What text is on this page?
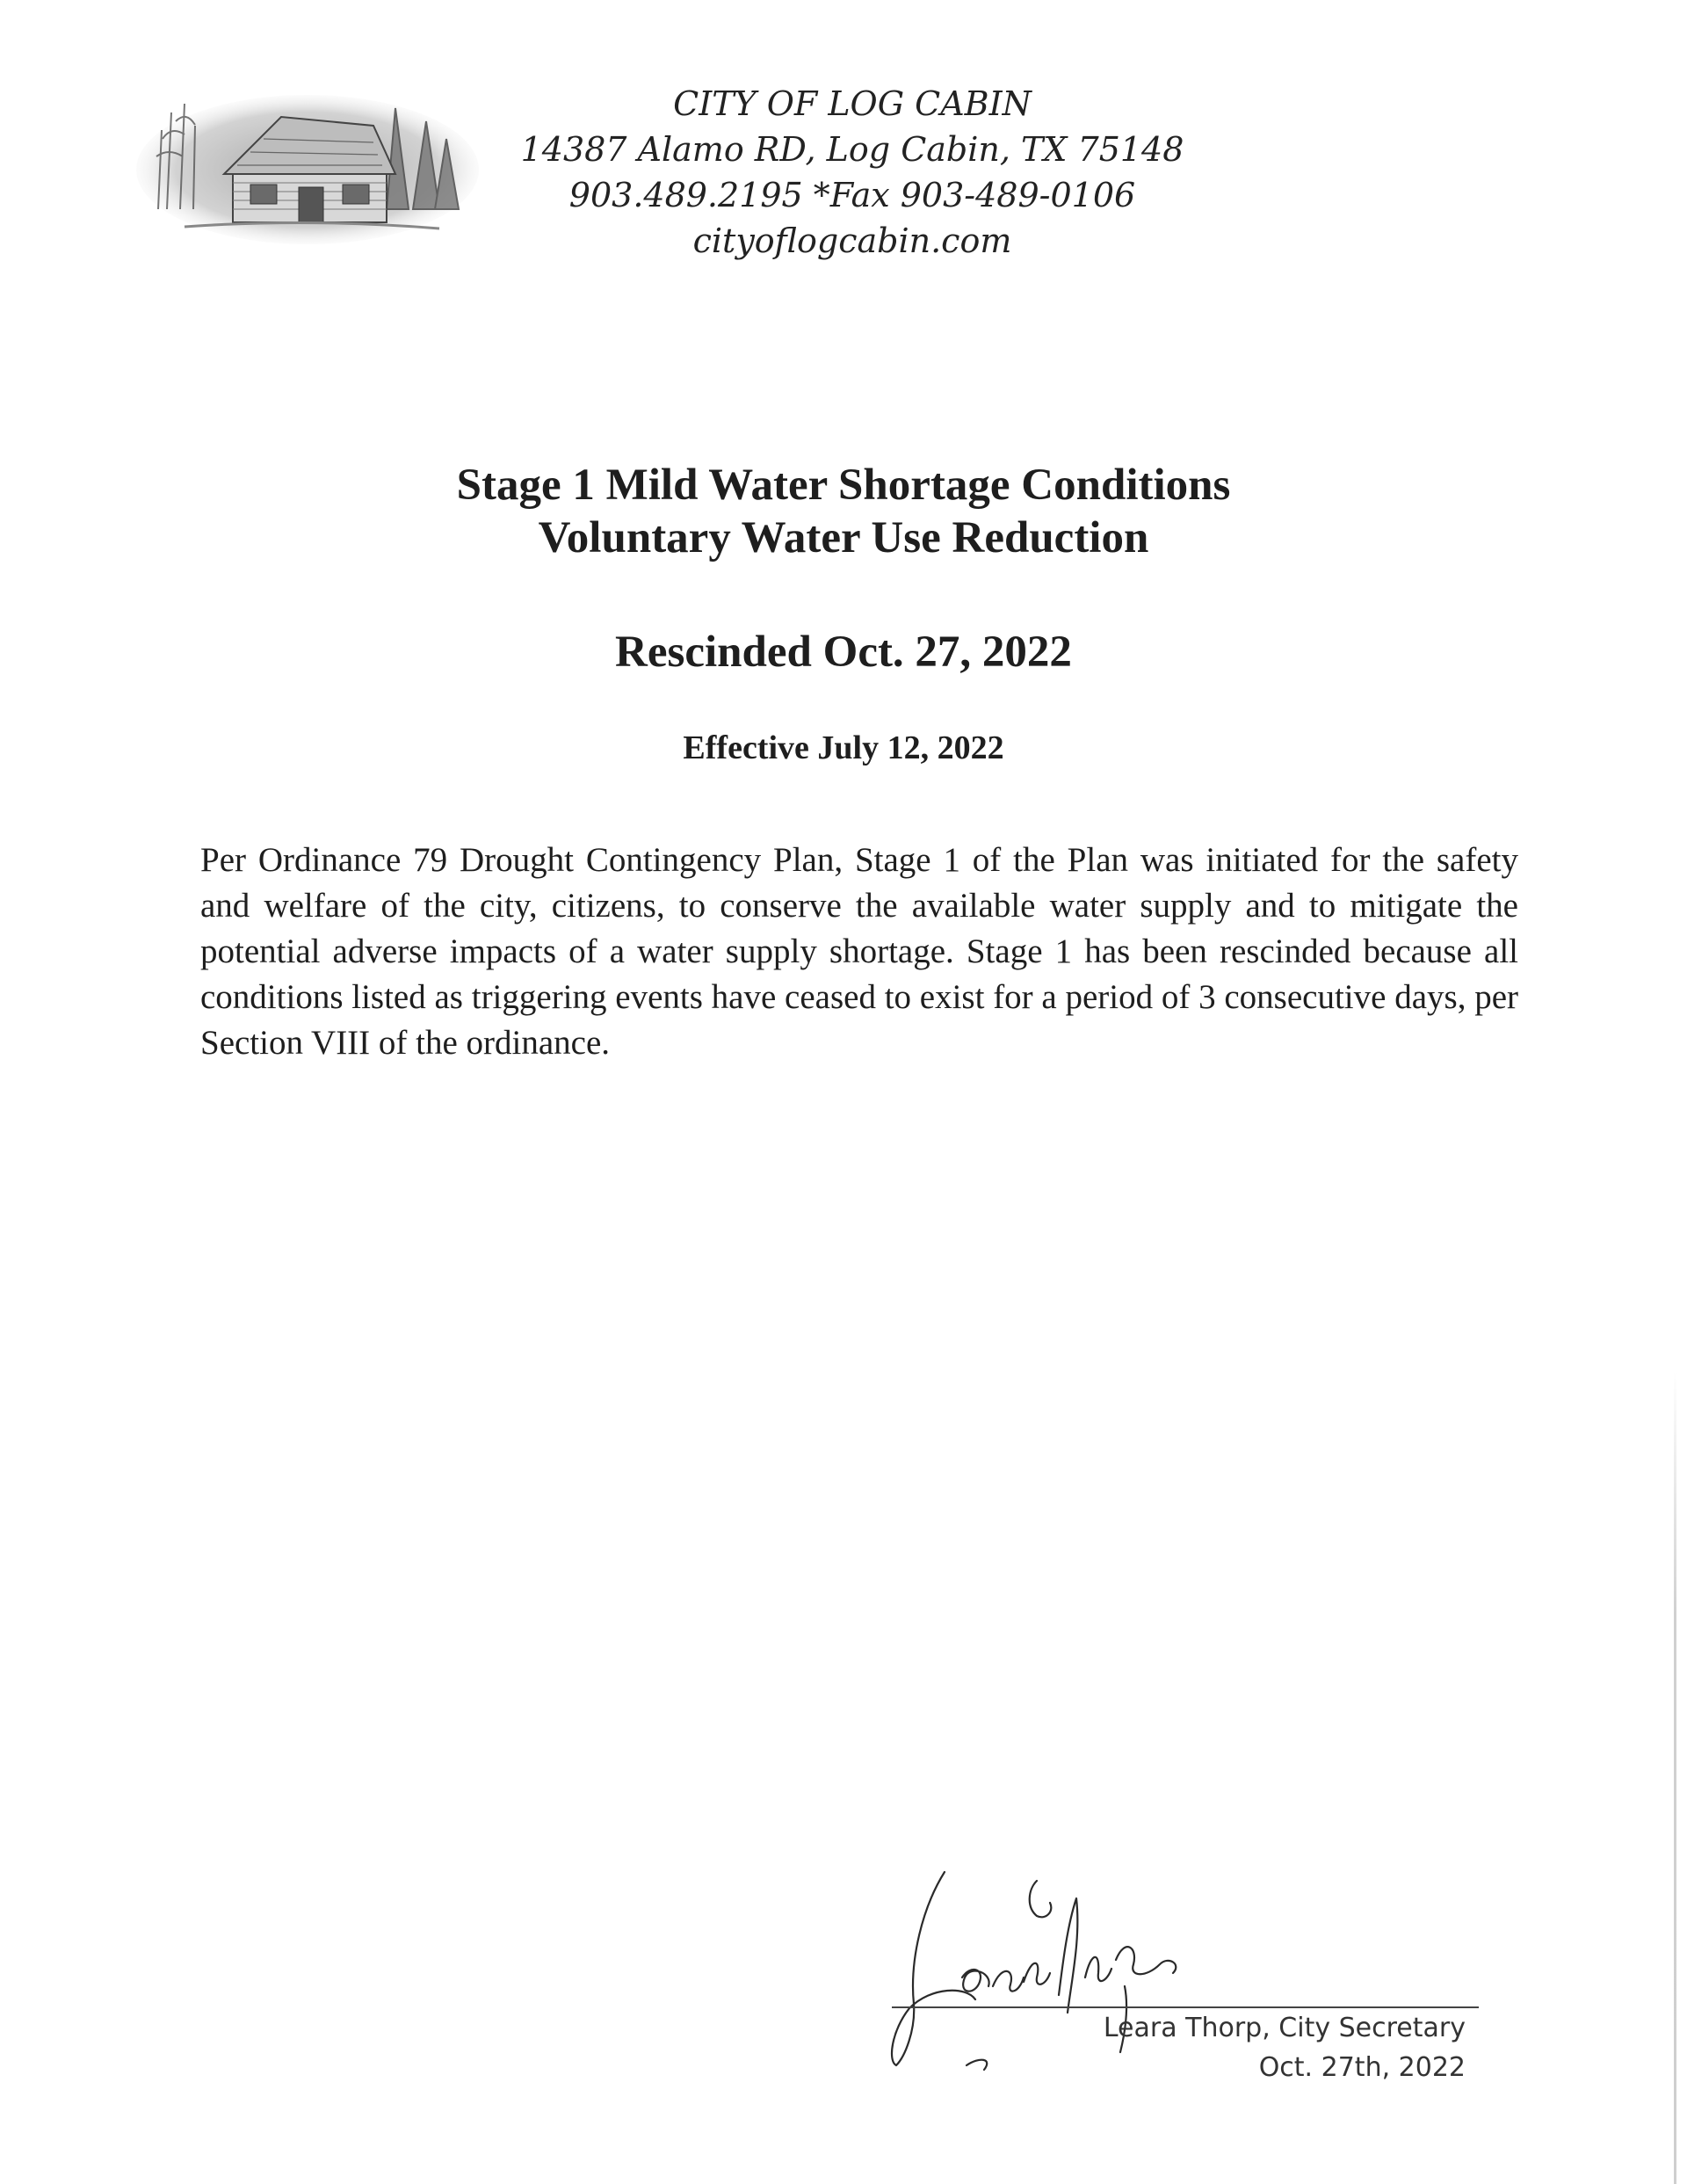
CITY OF LOG CABIN
14387 Alamo RD, Log Cabin, TX 75148
903.489.2195 *Fax 903-489-0106
cityoflogcabin.com
Stage 1 Mild Water Shortage Conditions
Voluntary Water Use Reduction
Rescinded Oct. 27, 2022
Effective July 12, 2022
Per Ordinance 79 Drought Contingency Plan, Stage 1 of the Plan was initiated for the safety and welfare of the city, citizens, to conserve the available water supply and to mitigate the potential adverse impacts of a water supply shortage. Stage 1 has been rescinded because all conditions listed as triggering events have ceased to exist for a period of 3 consecutive days, per Section VIII of the ordinance.
Leara Thorp, City Secretary
Oct. 27th, 2022
